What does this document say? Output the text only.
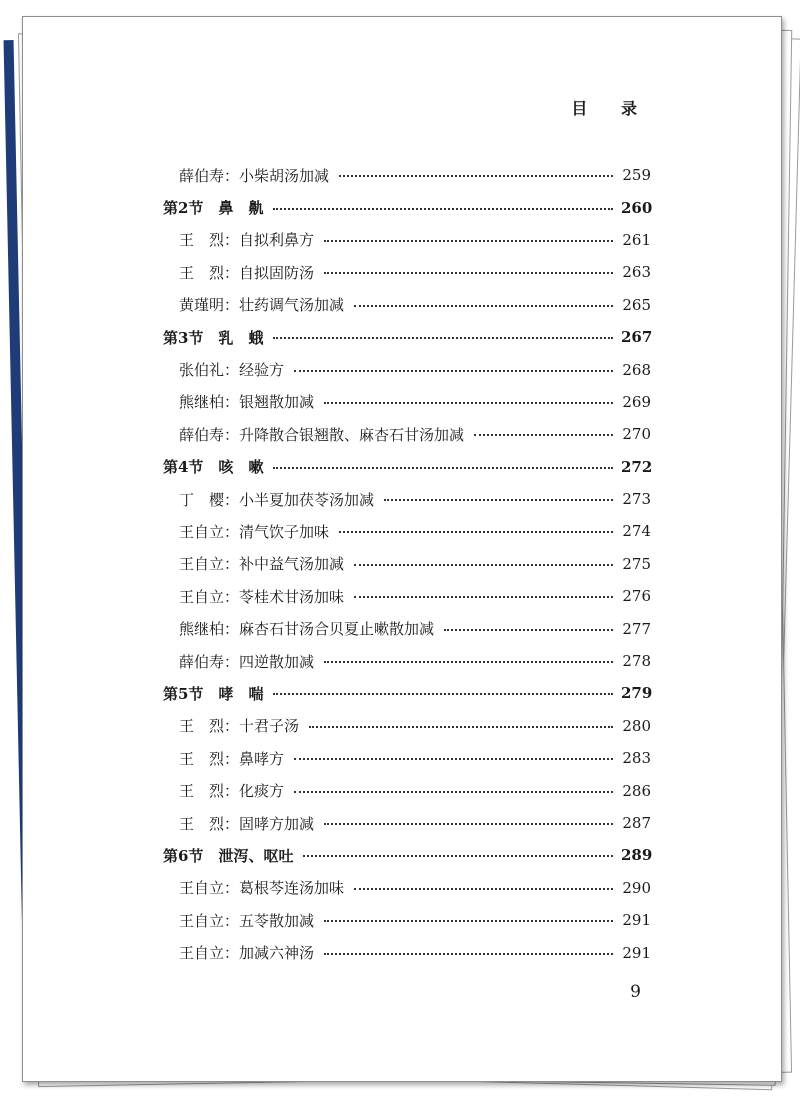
目 录
薛伯寿：小柴胡汤加减	259
第2节　鼻　鼽	260
王　烈：自拟利鼻方	261
王　烈：自拟固防汤	263
黄瑾明：壮药调气汤加减	265
第3节　乳　蛾	267
张伯礼：经验方	268
熊继柏：银翘散加减	269
薛伯寿：升降散合银翘散、麻杏石甘汤加减	270
第4节　咳　嗽	272
丁　樱：小半夏加茯苓汤加减	273
王自立：清气饮子加味	274
王自立：补中益气汤加减	275
王自立：苓桂术甘汤加味	276
熊继柏：麻杏石甘汤合贝夏止嗽散加减	277
薛伯寿：四逆散加减	278
第5节　哮　喘	279
王　烈：十君子汤	280
王　烈：鼻哮方	283
王　烈：化痰方	286
王　烈：固哮方加减	287
第6节　泄泻、呕吐	289
王自立：葛根芩连汤加味	290
王自立：五苓散加减	291
王自立：加减六神汤	291
9
